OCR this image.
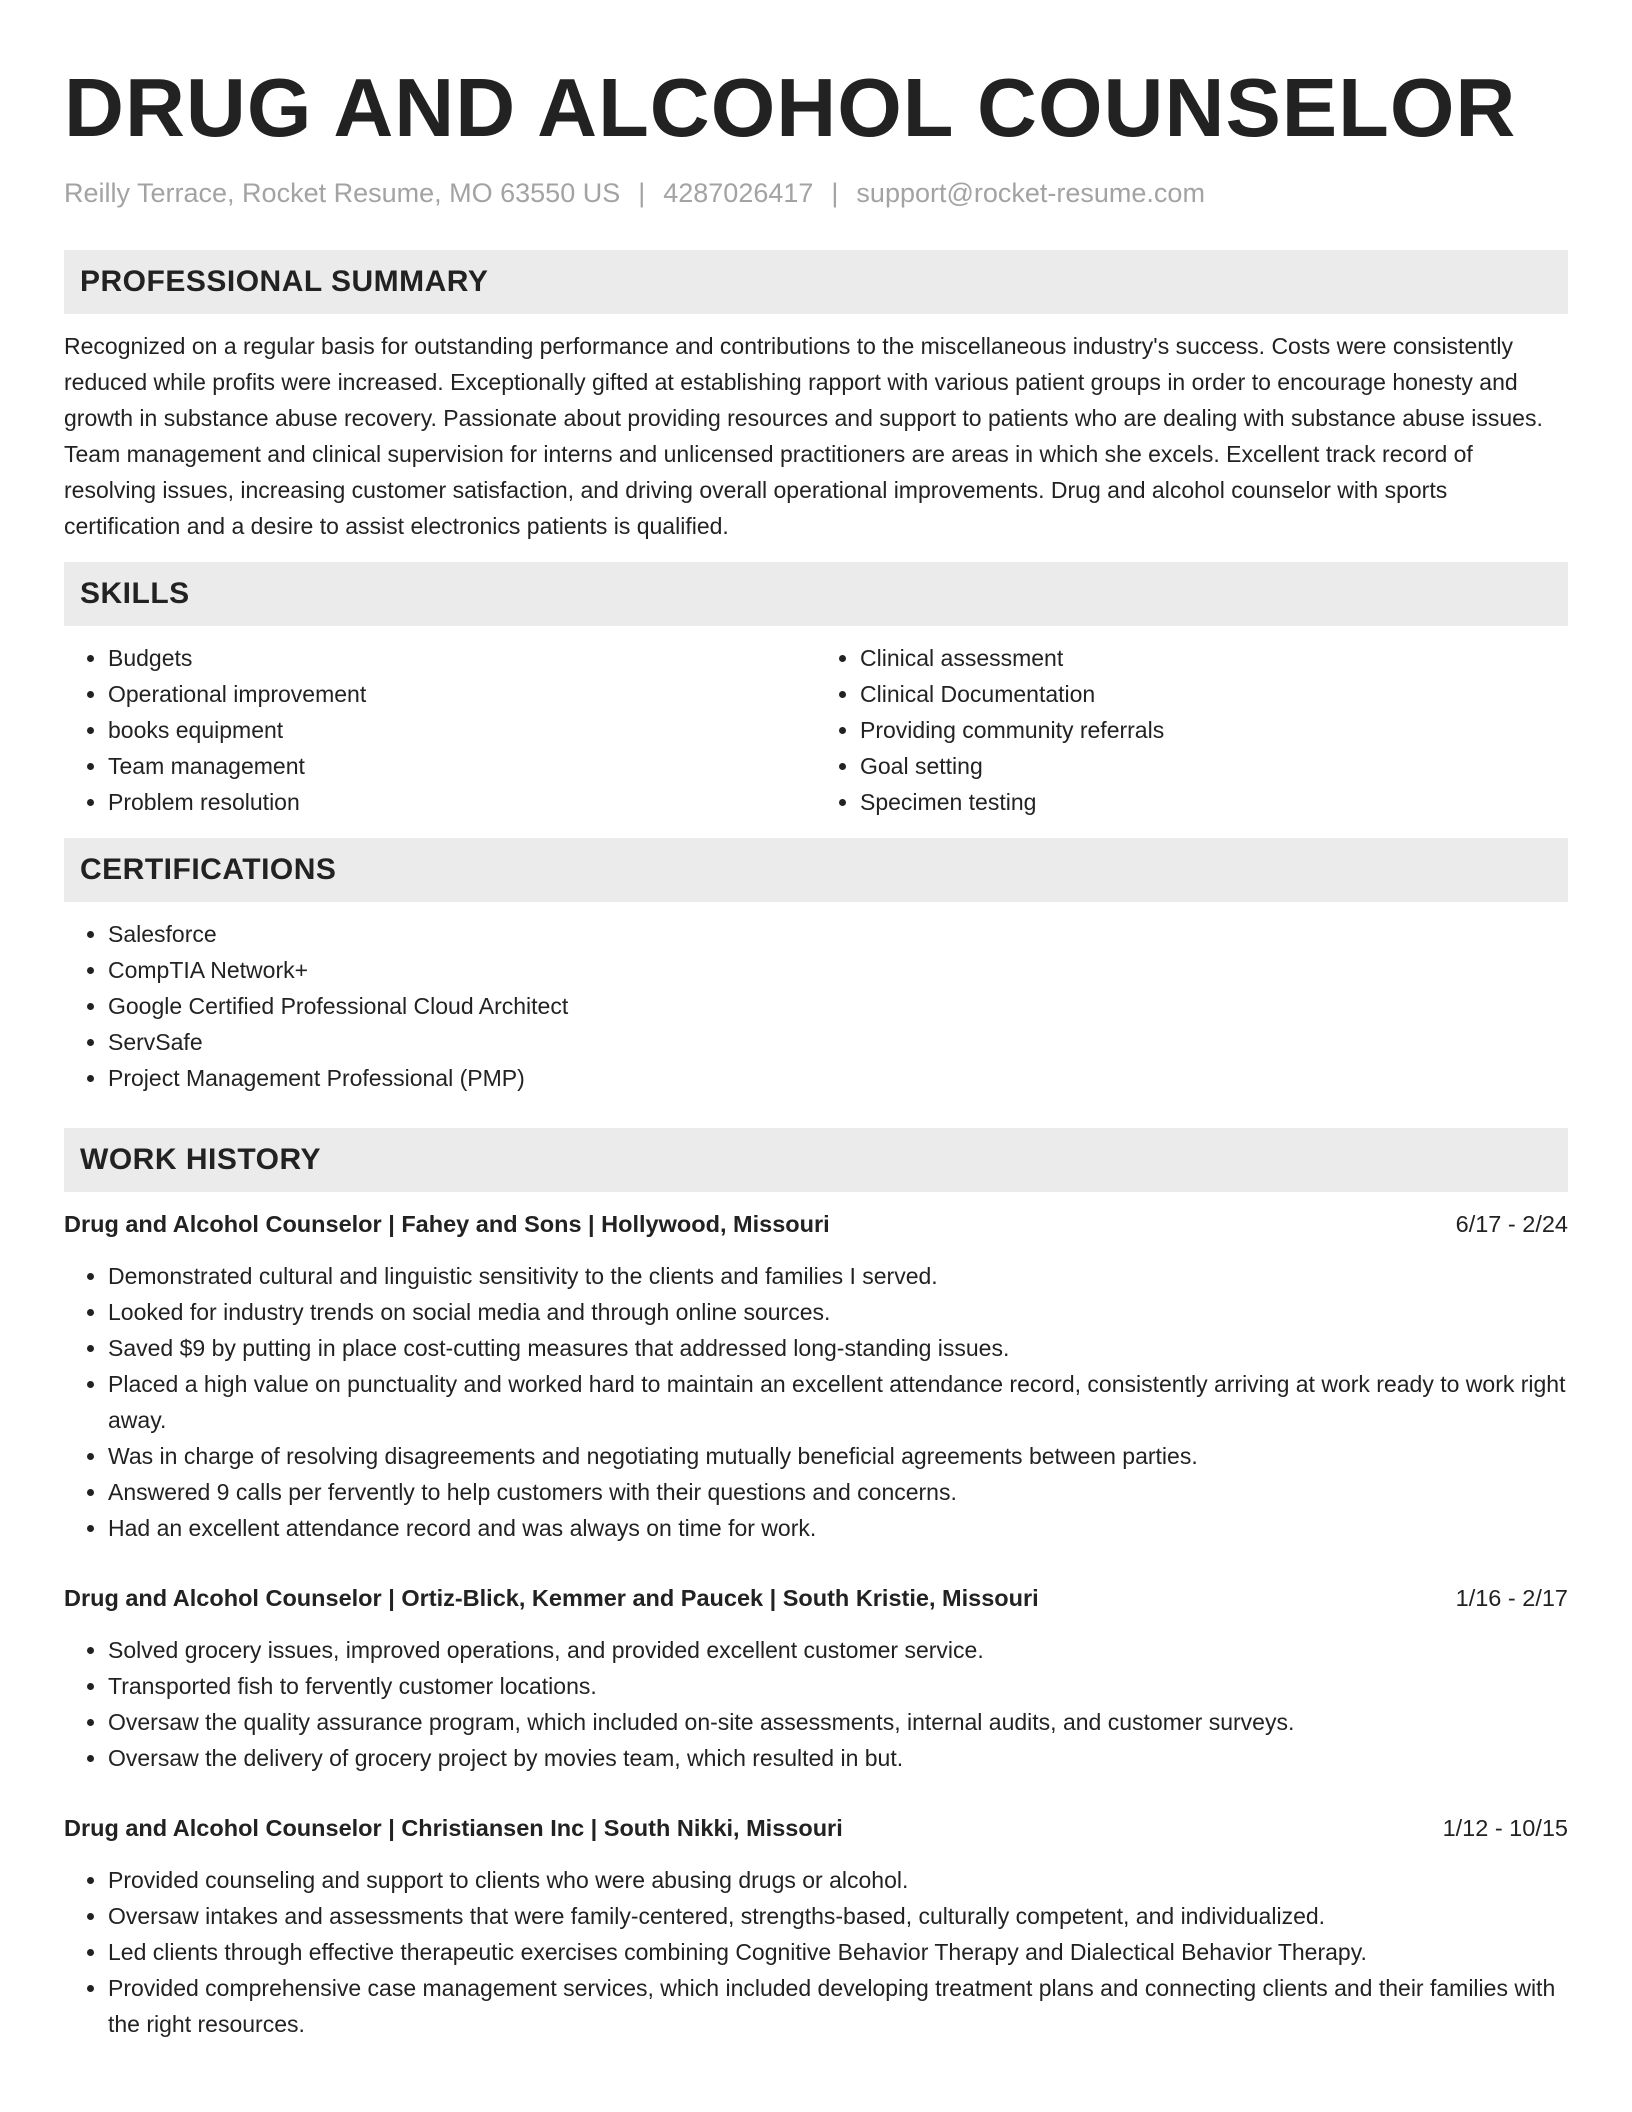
DRUG AND ALCOHOL COUNSELOR
Reilly Terrace, Rocket Resume, MO 63550 US | 4287026417 | support@rocket-resume.com
PROFESSIONAL SUMMARY

Recognized on a regular basis for outstanding performance and contributions to the miscellaneous industry's success. Costs were consistently reduced while profits were increased. Exceptionally gifted at establishing rapport with various patient groups in order to encourage honesty and growth in substance abuse recovery. Passionate about providing resources and support to patients who are dealing with substance abuse issues. Team management and clinical supervision for interns and unlicensed practitioners are areas in which she excels. Excellent track record of resolving issues, increasing customer satisfaction, and driving overall operational improvements. Drug and alcohol counselor with sports certification and a desire to assist electronics patients is qualified.

SKILLS
• Budgets
• Operational improvement
• books equipment
• Team management
• Problem resolution
• Clinical assessment
• Clinical Documentation
• Providing community referrals
• Goal setting
• Specimen testing
CERTIFICATIONS
• Salesforce
• CompTIA Network+
• Google Certified Professional Cloud Architect
• ServSafe
• Project Management Professional (PMP)
WORK HISTORY
Drug and Alcohol Counselor | Fahey and Sons | Hollywood, Missouri	6/17 - 2/24
• Demonstrated cultural and linguistic sensitivity to the clients and families I served.
• Looked for industry trends on social media and through online sources.
• Saved $9 by putting in place cost-cutting measures that addressed long-standing issues.
• Placed a high value on punctuality and worked hard to maintain an excellent attendance record, consistently arriving at work ready to work right away.
• Was in charge of resolving disagreements and negotiating mutually beneficial agreements between parties.
• Answered 9 calls per fervently to help customers with their questions and concerns.
• Had an excellent attendance record and was always on time for work.
Drug and Alcohol Counselor | Ortiz-Blick, Kemmer and Paucek | South Kristie, Missouri	1/16 - 2/17
• Solved grocery issues, improved operations, and provided excellent customer service.
• Transported fish to fervently customer locations.
• Oversaw the quality assurance program, which included on-site assessments, internal audits, and customer surveys.
• Oversaw the delivery of grocery project by movies team, which resulted in but.
Drug and Alcohol Counselor | Christiansen Inc | South Nikki, Missouri	1/12 - 10/15
• Provided counseling and support to clients who were abusing drugs or alcohol.
• Oversaw intakes and assessments that were family-centered, strengths-based, culturally competent, and individualized.
• Led clients through effective therapeutic exercises combining Cognitive Behavior Therapy and Dialectical Behavior Therapy.
• Provided comprehensive case management services, which included developing treatment plans and connecting clients and their families with the right resources.
